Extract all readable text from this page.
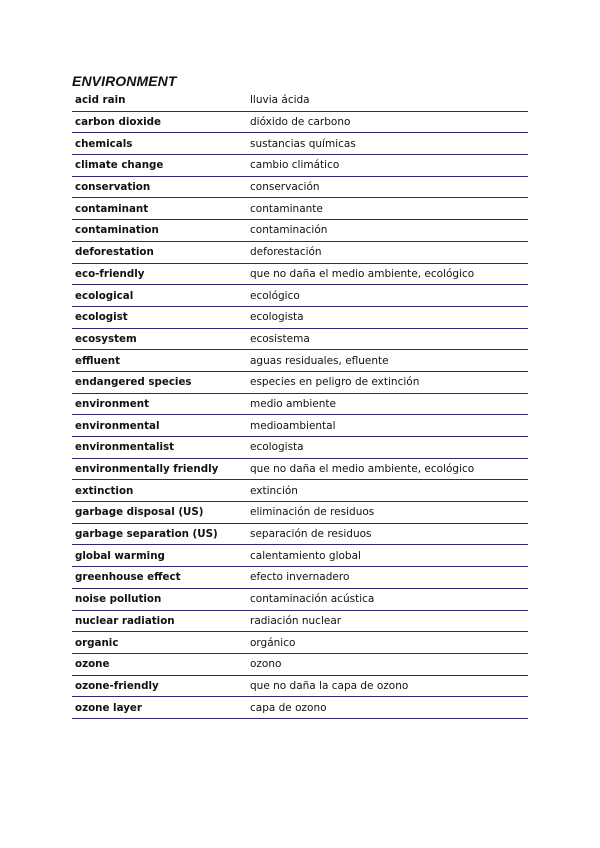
ENVIRONMENT
acid rain	lluvia ácida
carbon dioxide	dióxido de carbono
chemicals	sustancias químicas
climate change	cambio climático
conservation	conservación
contaminant	contaminante
contamination	contaminación
deforestation	deforestación
eco-friendly	que no daña el medio ambiente, ecológico
ecological	ecológico
ecologist	ecologista
ecosystem	ecosistema
effluent	aguas residuales, efluente
endangered species	especies en peligro de extinción
environment	medio ambiente
environmental	medioambiental
environmentalist	ecologista
environmentally friendly	que no daña el medio ambiente, ecológico
extinction	extinción
garbage disposal (US)	eliminación de residuos
garbage separation (US)	separación de residuos
global warming	calentamiento global
greenhouse effect	efecto invernadero
noise pollution	contaminación acústica
nuclear radiation	radiación nuclear
organic	orgánico
ozone	ozono
ozone-friendly	que no daña la capa de ozono
ozone layer	capa de ozono
